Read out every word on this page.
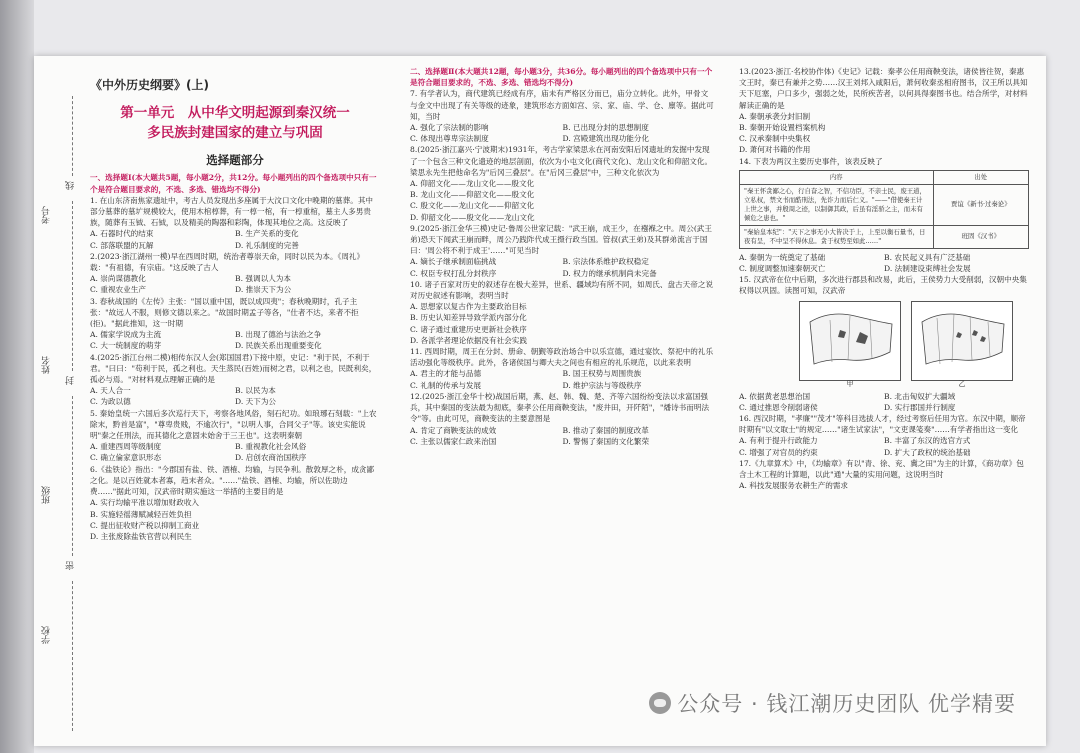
考号
姓名
班级
学校
线
封
密
《中外历史纲要》(上)
第一单元　从中华文明起源到秦汉统一
多民族封建国家的建立与巩固
选择题部分

一、选择题Ⅰ(本大题共5题，每小题2分，共12分。每小题列出的四个备选项中只有一个是符合题目要求的，不选、多选、错选均不得分)

1. 在山东济南焦家遗址中，考古人员发现出多座属于大汶口文化中晚期的墓葬。其中部分墓葬的墓圹规模较大，使用木棺椁葬，有一椁一棺，有一椁重棺，墓主人多男贵族，随葬有玉钺、石钺，以及精美的陶器和彩陶，体现其地位之高。这反映了

A. 石器时代的结束	B. 生产关系的变化
C. 部落联盟的瓦解	D. 礼乐制度的完善

2.(2023·浙江湖州一模)早在西周时期，统治者尊崇天命，同时以民为本。《周礼》载："有祖德，有宗庙。"这反映了古人

A. 崇尚谋德教化	B. 强调以人为本
C. 重视农业生产	D. 推崇天下为公

3. 春秋战国的《左传》主张："国以重中国，既以成四夷"；春秋晚期时，孔子主张："故远人不服，则修文德以来之。"故国时期孟子等各，"仕者不达，来者不拒(拒)。"据此推知，这一时期

A. 儒家学说成为主流	B. 出现了德治与法治之争
C. 大一统制度的萌芽	D. 民族关系出现重要变化

4.(2025·浙江台州二模)相传东汉人会(郑国国君)下接中原，史记："利于民，不利于君。"曰曰："苟利于民，孤之利也。天生蒸民(百姓)而树之君，以利之也，民既利矣，孤必与焉。"对材料观点理解正确的是

A. 天人合一	B. 以民为本
C. 为政以德	D. 天下为公

5. 秦始皇统一六国后多次巡行天下，考察各地风俗，刻石纪功。如琅琊石刻载："上农除末，黔首是富"，"尊卑贵贱，不逾次行"，"以明人事，合同父子"等。该史实能说明"秦之任刑法，而其德化之意固未始舍于三王也"。这表明秦朝

A. 重建西周等级制度	B. 重视教化社会风俗
C. 确立倫家意识形态	D. 启创农商治国秩序

6.《盐铁论》指出："今郡国有盐、铁、酒榷、均输，与民争利。散敦厚之朴，成贪鄙之化。是以百姓就本者寡，趋末者众。"……"盐铁、酒榷、均输，所以佐助边费……"据此可知，汉武帝时期实施这一举措的主要目的是

A. 实行均输平准以增加财政收入

B. 实施轻徭薄赋减轻百姓负担

C. 提出征收财产税以抑制工商业

D. 主张废除盐铁官营以利民生

二、选择题Ⅱ(本大题共12题，每小题3分，共36分。每小题列出的四个备选项中只有一个是符合题目要求的，不选、多选、错选均不得分)

7. 有学者认为，商代建筑已经成有序，庙未有严格区分而已，庙分立转化。此外，甲骨文与金文中出现了有关等级的迹象，建筑形态方面如宫、宗、家、庙、学、仓、廪等。据此可知，当时

A. 强化了宗法制的影响	B. 已出现分封的思想制度
C. 体现出尊卑宗法制度	D. 宫殿建筑出现功能分化

8.(2025·浙江嘉兴·宁波期末)1931年，考古学家梁思永在河南安阳后冈遗址的发掘中发现了一个包含三种文化遗迹的地层剖面，依次为小屯文化(商代文化)、龙山文化和仰韶文化。梁思永先生把他命名为"后冈三叠层"。在"后冈三叠层"中，三种文化依次为

A. 仰韶文化——龙山文化——殷文化

B. 龙山文化——仰韶文化——殷文化

C. 殷文化——龙山文化——仰韶文化

D. 仰韶文化——殷文化——龙山文化

9.(2025·浙江金华三模)史记·鲁周公世家记载："武王崩，成王少，在襁褓之中。周公(武王弟)恐天下闻武王崩而畔，周公乃践阼代成王摄行政当国。管叔(武王弟)及其群弟流言于国曰：'周公将不利于成王'……"可见当时

A. 嫡长子继承制面临挑战	B. 宗法体系维护政权稳定
C. 权臣专权打乱分封秩序	D. 权力的继承机制尚未完备

10. 诸子百家对历史的叙述存在极大差异，世系、疆域均有所不同，如周氏、盘古天帝之说对历史叙述有影响，表明当时

A. 思想家以复古作为主要政治目标

B. 历史认知差异导致学派内部分化

C. 诸子通过重建历史更新社会秩序

D. 各派学者理论依据没有社会实践

11. 西周时期，周王在分封、册命、朝觐等政治场合中以乐宣德，通过宴饮、祭祀中的礼乐活动强化等级秩序。此外，各诸侯国与卿大夫之间也有相应的礼乐规范，以此来表明

A. 君主的才能与品德	B. 国王权势与周围贵族
C. 礼制的传承与发展	D. 维护宗法与等级秩序

12.(2025·浙江金华十校)战国后期，燕、赵、韩、魏、楚、齐等六国纷纷变法以求富国强兵，其中秦国的变法最为彻底，秦孝公任用商鞅变法，"废井田，开阡陌"，"燔诗书而明法令"等。由此可见，商鞅变法的主要意图是

A. 肯定了商鞅变法的成效	B. 推动了秦国的制度改革
C. 主张以儒家仁政来治国	D. 警惕了秦国的文化繁荣

13.(2023·浙江·名校协作体)《史记》记载：秦孝公任用商鞅变法，诸侯皆往贺，秦惠文王时，秦已有兼并之势……汉王刘邦入咸阳后，萧何收秦丞相府图书，汉王所以具知天下厄塞，户口多少，强弱之处，民所疾苦者，以何具得秦图书也。结合所学，对材料解读正确的是

A. 秦朝承袭分封旧制

B. 秦朝开始设置档案机构

C. 汉承秦制中央集权

D. 萧何对书籍的作用

14. 下表为两汉主要历史事件，该表反映了

内容	出处
"秦王怀贪鄙之心，行自奋之智，不信功臣，不亲士民，废王道，立私权，禁文书而酷刑法，先诈力而后仁义。"——"借使秦王计上世之事，并殷周之迹，以制御其政，后虽有淫骄之主，而未有倾危之患也。"	贾谊《新书·过秦论》
"秦始皇本纪"："天下之事无小大皆决于上，上至以衡石量书，日夜有呈，不中呈不得休息。贪于权势至如此……"	班固《汉书》
A. 秦朝为一统奠定了基础	B. 农民起义具有广泛基础
C. 制度调整加速秦朝灭亡	D. 法制建设束缚社会发展

15. 汉武帝在位中后期，多次进行郡县和改易，此后，王侯势力大受削弱，汉朝中央集权得以巩固。读图可知，汉武帝

甲	乙
A. 依据黄老思想治国	B. 北击匈奴扩大疆域
C. 通过推恩令削弱诸侯	D. 实行郡国并行制度

16. 西汉时期，"孝廉""茂才"等科目选拔人才，经过考察后任用为官。东汉中期，顺帝时期有"以文取士"的规定……"诸生试家法"，"文吏课笺奏"……有学者指出这一变化

A. 有利于提升行政能力	B. 丰富了东汉的选官方式
C. 增强了对官员的约束	D. 扩大了政权的统治基础

17.《九章算术》中，《均输章》有以"青、徐、兖、冀之田"为主的计算，《商功章》包含土木工程的计算题，以此"通"大量的实用问题，这说明当时

A. 科技发展服务农耕生产的需求

公众号 · 钱江潮历史团队 优学精要
